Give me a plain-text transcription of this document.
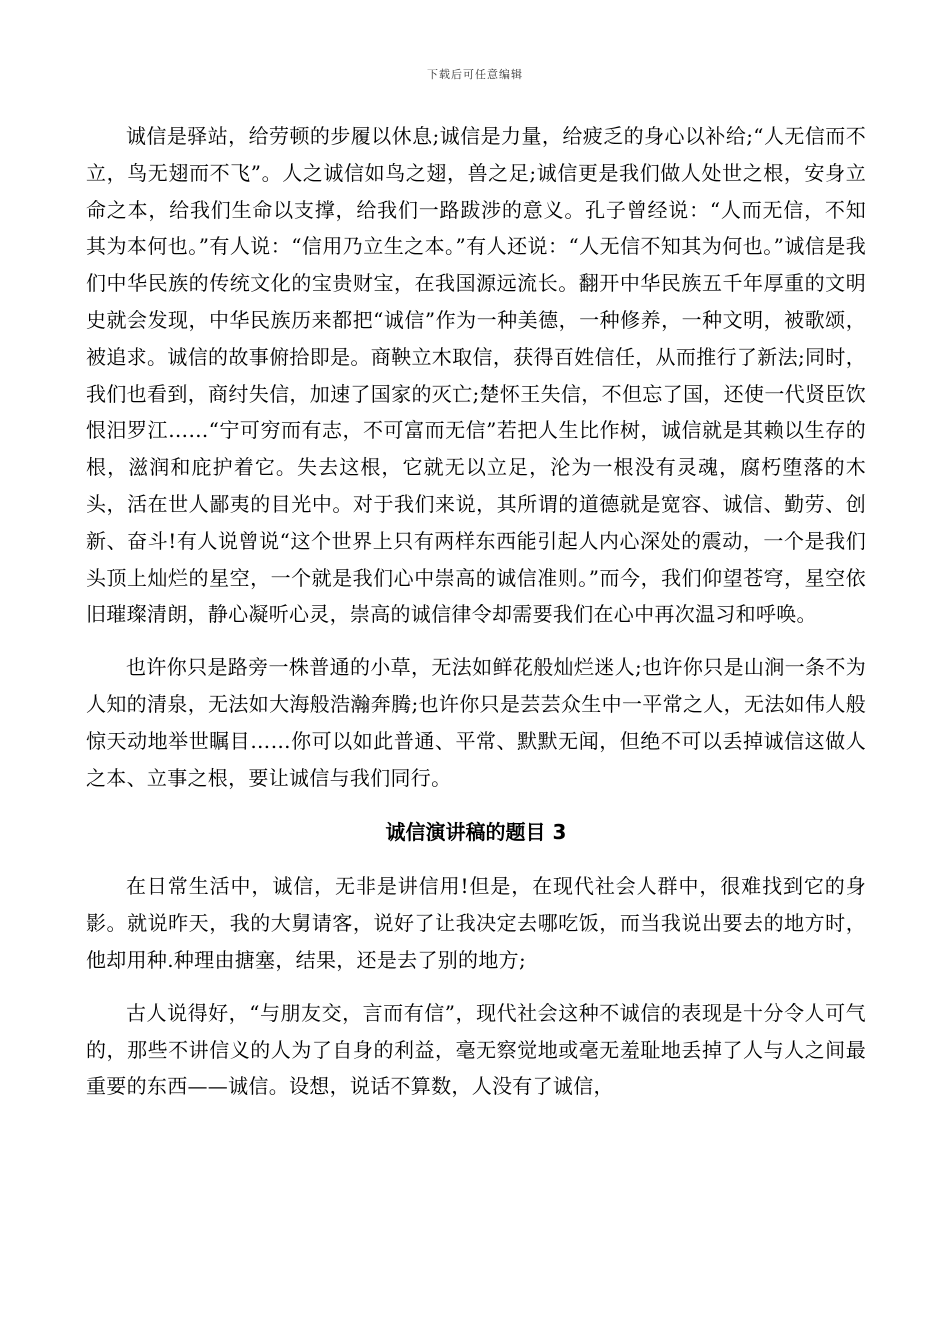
下载后可任意编辑

诚信是驿站，给劳顿的步履以休息;诚信是力量，给疲乏的身心以补给;“人无信而不立，鸟无翅而不飞”。人之诚信如鸟之翅，兽之足;诚信更是我们做人处世之根，安身立命之本，给我们生命以支撑，给我们一路跋涉的意义。孔子曾经说：“人而无信，不知其为本何也。”有人说：“信用乃立生之本。”有人还说：“人无信不知其为何也。”诚信是我们中华民族的传统文化的宝贵财宝，在我国源远流长。翻开中华民族五千年厚重的文明史就会发现，中华民族历来都把“诚信”作为一种美德，一种修养，一种文明，被歌颂，被追求。诚信的故事俯拾即是。商鞅立木取信，获得百姓信任，从而推行了新法;同时，我们也看到，商纣失信，加速了国家的灭亡;楚怀王失信，不但忘了国，还使一代贤臣饮恨汨罗江……“宁可穷而有志，不可富而无信”若把人生比作树，诚信就是其赖以生存的根，滋润和庇护着它。失去这根，它就无以立足，沦为一根没有灵魂，腐朽堕落的木头，活在世人鄙夷的目光中。对于我们来说，其所谓的道德就是宽容、诚信、勤劳、创新、奋斗!有人说曾说“这个世界上只有两样东西能引起人内心深处的震动，一个是我们头顶上灿烂的星空，一个就是我们心中崇高的诚信准则。”而今，我们仰望苍穹，星空依旧璀璨清朗，静心凝听心灵，崇高的诚信律令却需要我们在心中再次温习和呼唤。

也许你只是路旁一株普通的小草，无法如鲜花般灿烂迷人;也许你只是山涧一条不为人知的清泉，无法如大海般浩瀚奔腾;也许你只是芸芸众生中一平常之人，无法如伟人般惊天动地举世瞩目……你可以如此普通、平常、默默无闻，但绝不可以丢掉诚信这做人之本、立事之根，要让诚信与我们同行。

诚信演讲稿的题目 3

在日常生活中，诚信，无非是讲信用!但是，在现代社会人群中，很难找到它的身影。就说昨天，我的大舅请客，说好了让我决定去哪吃饭，而当我说出要去的地方时，他却用种.种理由搪塞，结果，还是去了别的地方;

古人说得好，“与朋友交，言而有信”，现代社会这种不诚信的表现是十分令人可气的，那些不讲信义的人为了自身的利益，毫无察觉地或毫无羞耻地丢掉了人与人之间最重要的东西——诚信。设想，说话不算数，人没有了诚信，
